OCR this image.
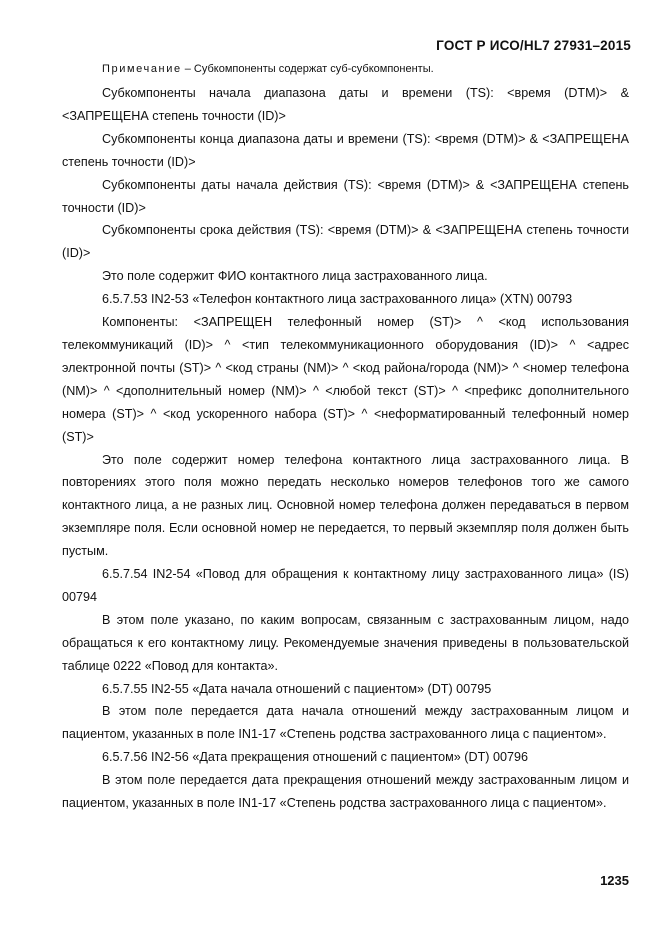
ГОСТ Р ИСО/HL7 27931–2015
Примечание – Субкомпоненты содержат суб-субкомпоненты.

Субкомпоненты начала диапазона даты и времени (TS): <время (DTM)> & <ЗАПРЕЩЕНА степень точности (ID)>

Субкомпоненты конца диапазона даты и времени (TS): <время (DTM)> & <ЗАПРЕЩЕНА степень точности (ID)>

Субкомпоненты даты начала действия (TS): <время (DTM)> & <ЗАПРЕЩЕНА степень точности (ID)>

Субкомпоненты срока действия (TS): <время (DTM)> & <ЗАПРЕЩЕНА степень точности (ID)>

Это поле содержит ФИО контактного лица застрахованного лица.

6.5.7.53 IN2-53 «Телефон контактного лица застрахованного лица» (XTN) 00793

Компоненты: <ЗАПРЕЩЕН телефонный номер (ST)> ^ <код использования телекоммуникаций (ID)> ^ <тип телекоммуникационного оборудования (ID)> ^ <адрес электронной почты (ST)> ^ <код страны (NM)> ^ <код района/города (NM)> ^ <номер телефона (NM)> ^ <дополнительный номер (NM)> ^ <любой текст (ST)> ^ <префикс дополнительного номера (ST)> ^ <код ускоренного набора (ST)> ^ <неформатированный телефонный номер (ST)>

Это поле содержит номер телефона контактного лица застрахованного лица. В повторениях этого поля можно передать несколько номеров телефонов того же самого контактного лица, а не разных лиц. Основной номер телефона должен передаваться в первом экземпляре поля. Если основной номер не передается, то первый экземпляр поля должен быть пустым.

6.5.7.54 IN2-54 «Повод для обращения к контактному лицу застрахованного лица» (IS) 00794

В этом поле указано, по каким вопросам, связанным с застрахованным лицом, надо обращаться к его контактному лицу. Рекомендуемые значения приведены в пользовательской таблице 0222 «Повод для контакта».

6.5.7.55 IN2-55 «Дата начала отношений с пациентом» (DT) 00795

В этом поле передается дата начала отношений между застрахованным лицом и пациентом, указанных в поле IN1-17 «Степень родства застрахованного лица с пациентом».

6.5.7.56 IN2-56 «Дата прекращения отношений с пациентом» (DT) 00796

В этом поле передается дата прекращения отношений между застрахованным лицом и пациентом, указанных в поле IN1-17 «Степень родства застрахованного лица с пациентом».

1235
